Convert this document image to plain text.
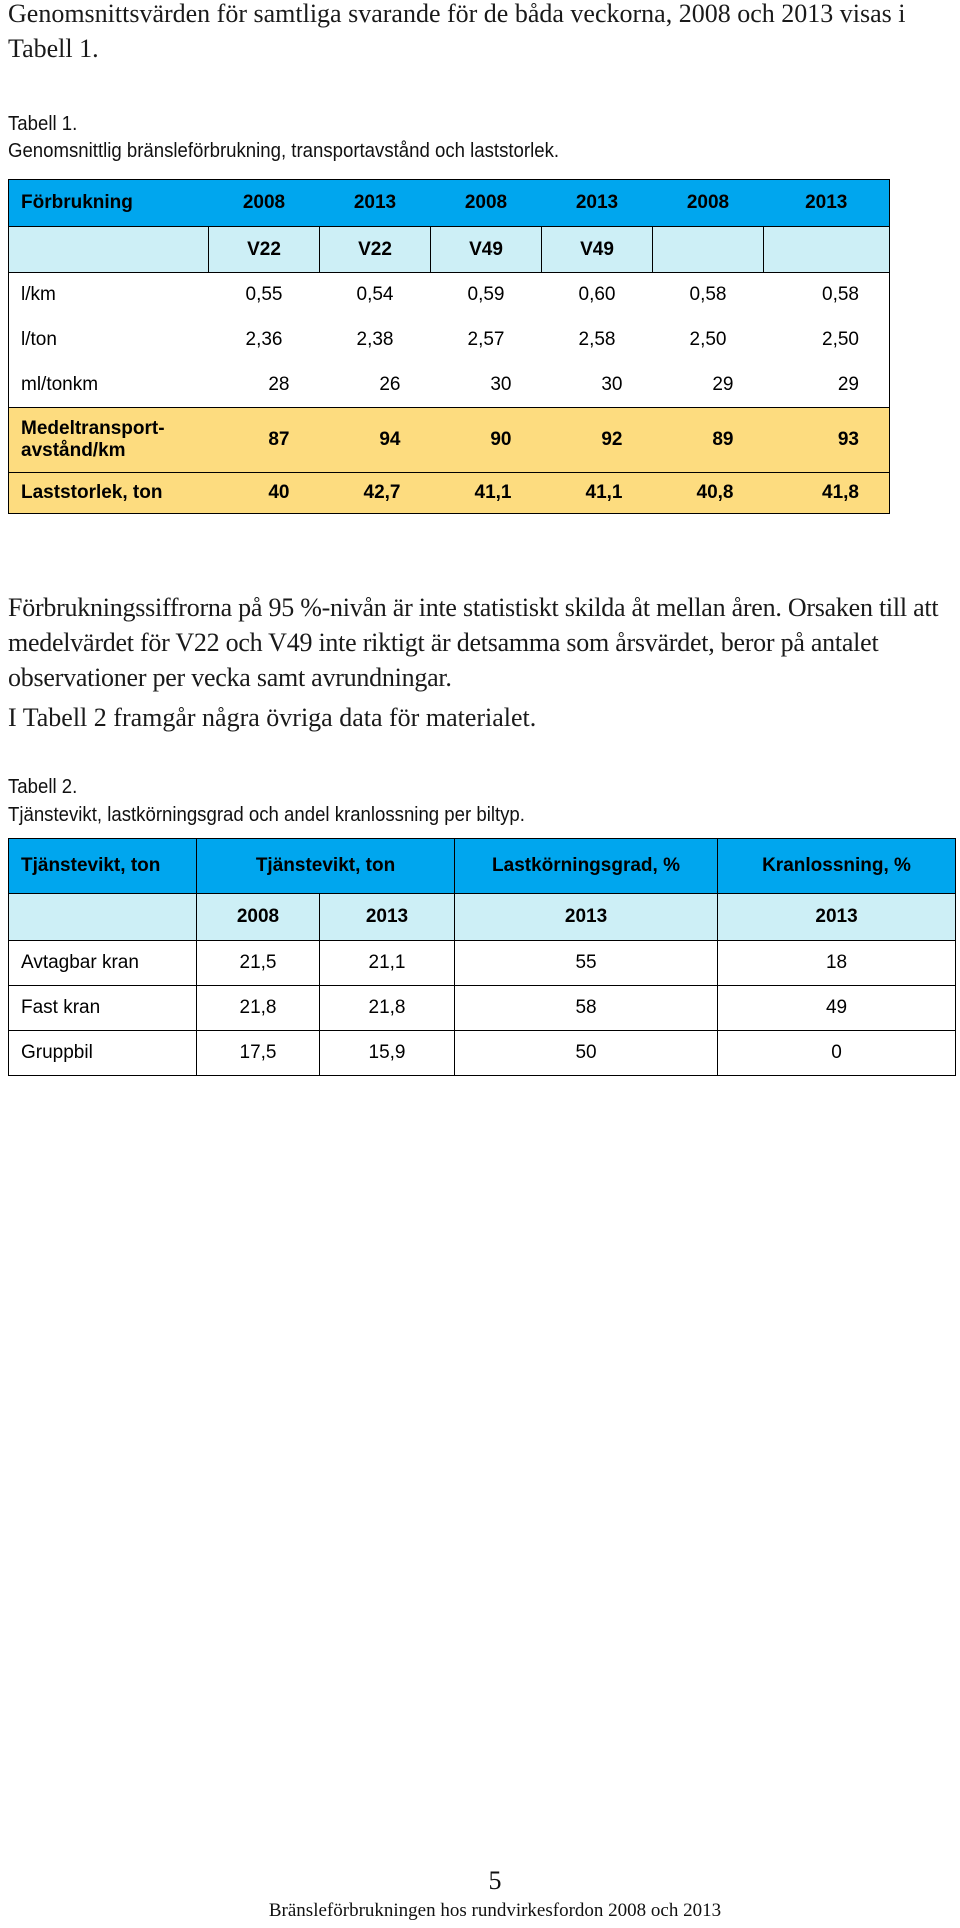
Genomsnittsvärden för samtliga svarande för de båda veckorna, 2008 och 2013 visas i Tabell 1.
Tabell 1.
Genomsnittlig bränsleförbrukning, transportavstånd och laststorlek.
Förbrukning	2008	2013	2008	2013	2008	2013
	V22	V22	V49	V49		
l/km	0,55	0,54	0,59	0,60	0,58	0,58
l/ton	2,36	2,38	2,57	2,58	2,50	2,50
ml/tonkm	28	26	30	30	29	29
Medeltransport-
avstånd/km	87	94	90	92	89	93
Laststorlek, ton	40	42,7	41,1	41,1	40,8	41,8
Förbrukningssiffrorna på 95 %-nivån är inte statistiskt skilda åt mellan åren. Orsaken till att medelvärdet för V22 och V49 inte riktigt är detsamma som årsvärdet, beror på antalet observationer per vecka samt avrundningar.
I Tabell 2 framgår några övriga data för materialet.
Tabell 2.
Tjänstevikt, lastkörningsgrad och andel kranlossning per biltyp.
Tjänstevikt, ton	Tjänstevikt, ton		Lastkörningsgrad, %	Kranlossning, %
	2008	2013	2013	2013
Avtagbar kran	21,5	21,1	55	18
Fast kran	21,8	21,8	58	49
Gruppbil	17,5	15,9	50	0
5
Bränsleförbrukningen hos rundvirkesfordon 2008 och 2013
